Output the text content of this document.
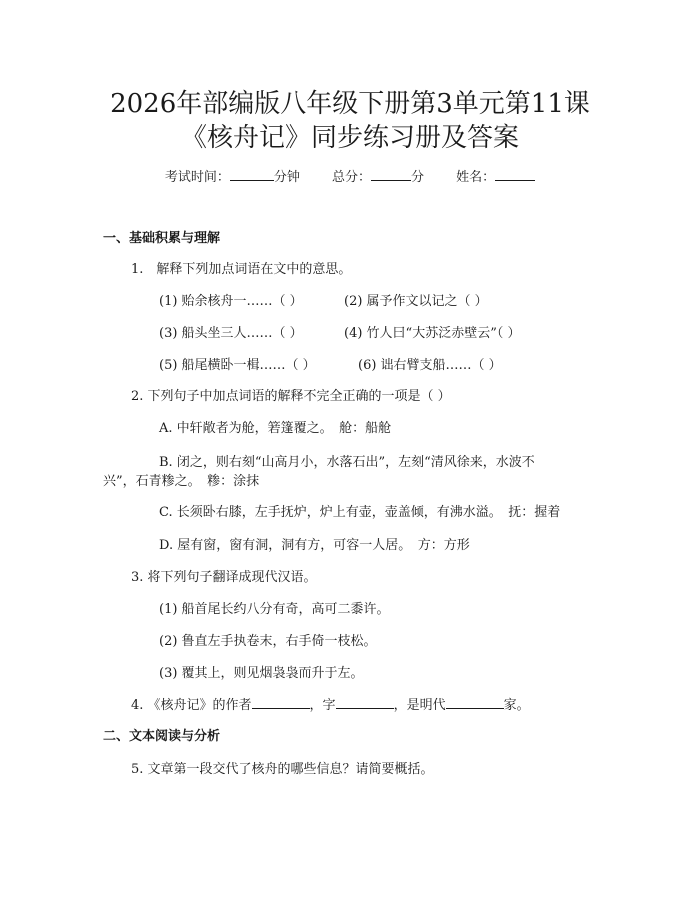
2026年部编版八年级下册第3单元第11课
《核舟记》同步练习册及答案
考试时间：	分钟 总分：	分 姓名：
一、基础积累与理解
1.　解释下列加点词语在文中的意思。
(1) 贻余核舟一……（ ）	(2) 属予作文以记之（ ）
(3) 船头坐三人……（ ）	(4) 竹人曰“大苏泛赤壁云”（ ）
(5) 船尾横卧一楫……（ ）	(6) 诎右臂支船……（ ）
2. 下列句子中加点词语的解释不完全正确的一项是（ ）
A. 中轩敞者为舱，箬篷覆之。　舱：船舱
B. 闭之，则右刻“山高月小，水落石出”，左刻“清风徐来，水波不
兴”，石青糁之。　糁：涂抹
C. 长须卧右膝，左手抚炉，炉上有壶，壶盖倾，有沸水溢。　抚：握着
D. 屋有窗，窗有洞，洞有方，可容一人居。　方：方形
3. 将下列句子翻译成现代汉语。
(1) 船首尾长约八分有奇，高可二黍许。
(2) 鲁直左手执卷末，右手倚一枝松。
(3) 覆其上，则见烟袅袅而升于左。
4. 《核舟记》的作者	，字	，是明代	家。
二、文本阅读与分析
5. 文章第一段交代了核舟的哪些信息？请简要概括。
